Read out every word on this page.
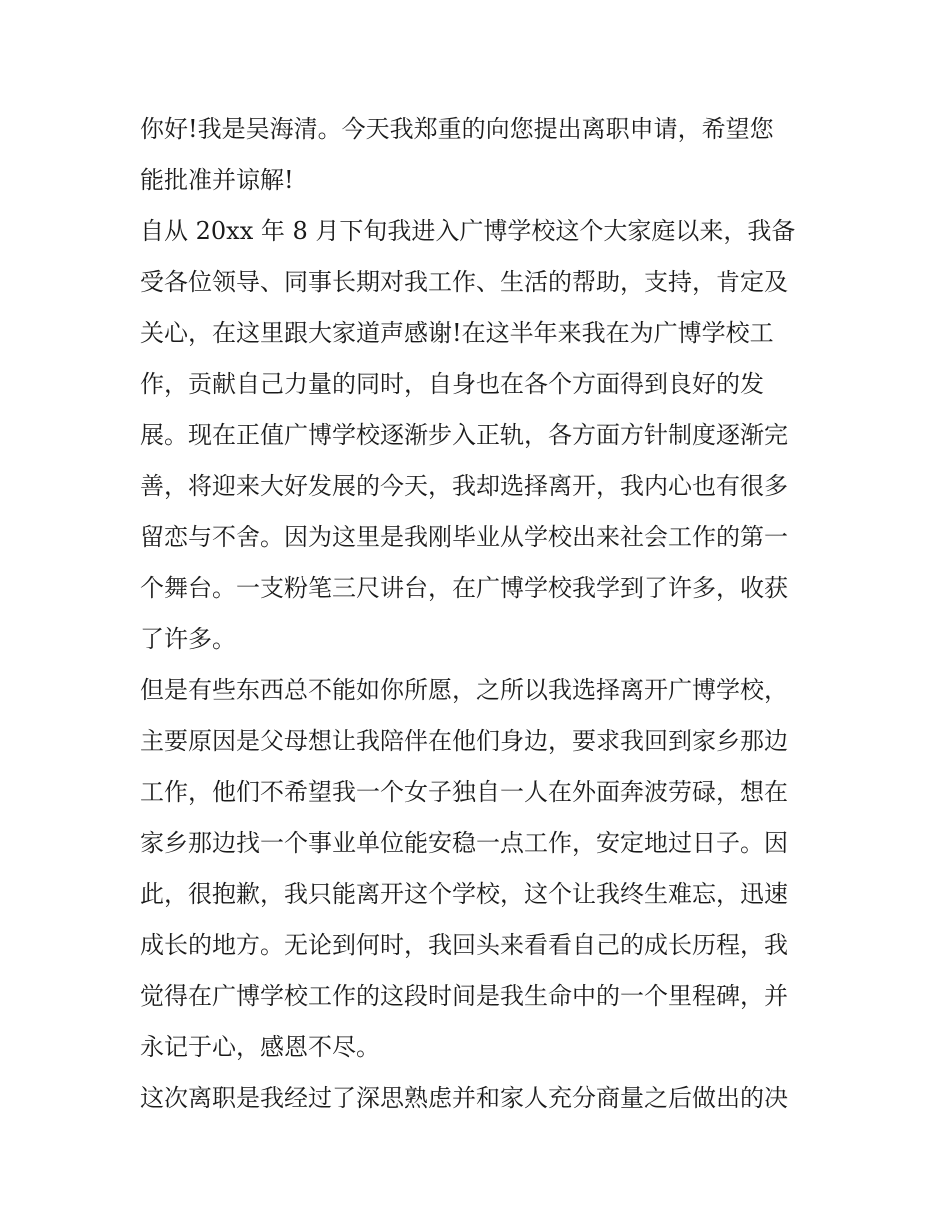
你好!我是吴海清。今天我郑重的向您提出离职申请，希望您
能批准并谅解!
自从 20xx 年 8 月下旬我进入广博学校这个大家庭以来，我备
受各位领导、同事长期对我工作、生活的帮助，支持，肯定及
关心，在这里跟大家道声感谢!在这半年来我在为广博学校工
作，贡献自己力量的同时，自身也在各个方面得到良好的发
展。现在正值广博学校逐渐步入正轨，各方面方针制度逐渐完
善，将迎来大好发展的今天，我却选择离开，我内心也有很多
留恋与不舍。因为这里是我刚毕业从学校出来社会工作的第一
个舞台。一支粉笔三尺讲台，在广博学校我学到了许多，收获
了许多。
但是有些东西总不能如你所愿，之所以我选择离开广博学校，
主要原因是父母想让我陪伴在他们身边，要求我回到家乡那边
工作，他们不希望我一个女子独自一人在外面奔波劳碌，想在
家乡那边找一个事业单位能安稳一点工作，安定地过日子。因
此，很抱歉，我只能离开这个学校，这个让我终生难忘，迅速
成长的地方。无论到何时，我回头来看看自己的成长历程，我
觉得在广博学校工作的这段时间是我生命中的一个里程碑，并
永记于心，感恩不尽。
这次离职是我经过了深思熟虑并和家人充分商量之后做出的决
